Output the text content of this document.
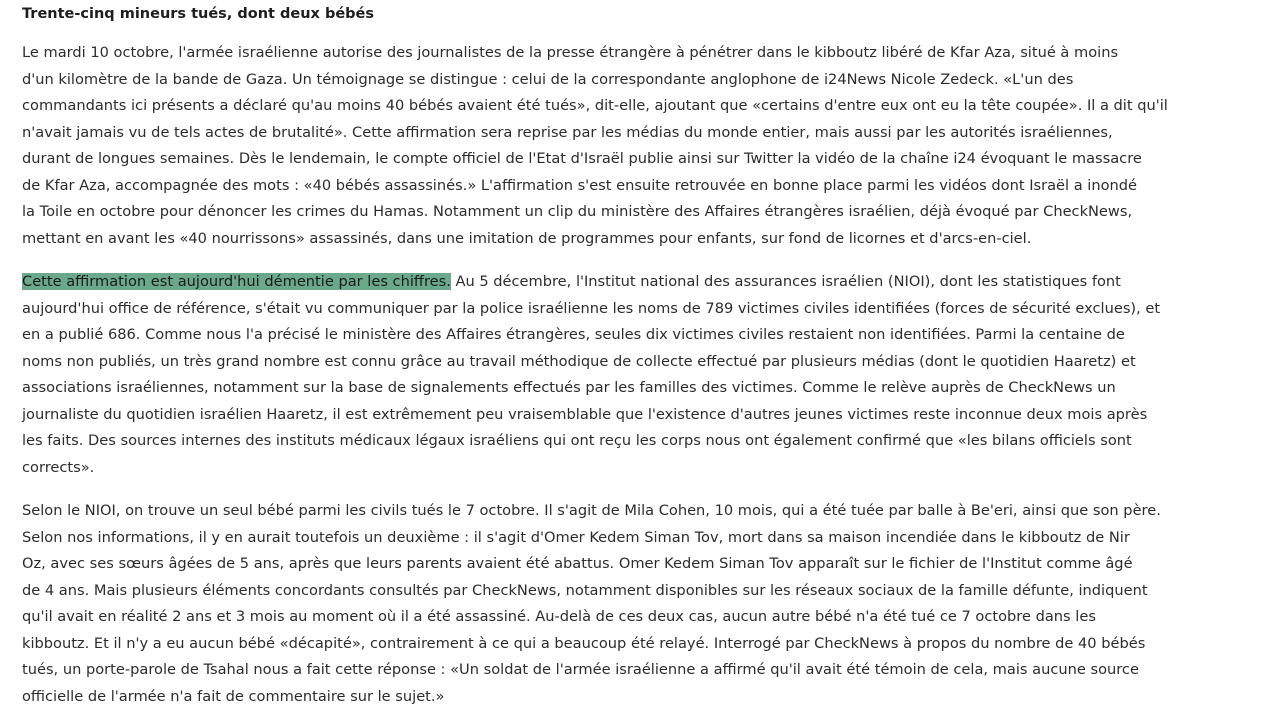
Trente-cinq mineurs tués, dont deux bébés

Le mardi 10 octobre, l'armée israélienne autorise des journalistes de la presse étrangère à pénétrer dans le kibboutz libéré de Kfar Aza, situé à moins
d'un kilomètre de la bande de Gaza. Un témoignage se distingue : celui de la correspondante anglophone de i24News Nicole Zedeck. «L'un des
commandants ici présents a déclaré qu'au moins 40 bébés avaient été tués», dit-elle, ajoutant que «certains d'entre eux ont eu la tête coupée». Il a dit qu'il
n'avait jamais vu de tels actes de brutalité». Cette affirmation sera reprise par les médias du monde entier, mais aussi par les autorités israéliennes,
durant de longues semaines. Dès le lendemain, le compte officiel de l'Etat d'Israël publie ainsi sur Twitter la vidéo de la chaîne i24 évoquant le massacre
de Kfar Aza, accompagnée des mots : «40 bébés assassinés.» L'affirmation s'est ensuite retrouvée en bonne place parmi les vidéos dont Israël a inondé
la Toile en octobre pour dénoncer les crimes du Hamas. Notamment un clip du ministère des Affaires étrangères israélien, déjà évoqué par CheckNews,
mettant en avant les «40 nourrissons» assassinés, dans une imitation de programmes pour enfants, sur fond de licornes et d'arcs-en-ciel.

Cette affirmation est aujourd'hui démentie par les chiffres. Au 5 décembre, l'Institut national des assurances israélien (NIOI), dont les statistiques font
aujourd'hui office de référence, s'était vu communiquer par la police israélienne les noms de 789 victimes civiles identifiées (forces de sécurité exclues), et
en a publié 686. Comme nous l'a précisé le ministère des Affaires étrangères, seules dix victimes civiles restaient non identifiées. Parmi la centaine de
noms non publiés, un très grand nombre est connu grâce au travail méthodique de collecte effectué par plusieurs médias (dont le quotidien Haaretz) et
associations israéliennes, notamment sur la base de signalements effectués par les familles des victimes. Comme le relève auprès de CheckNews un
journaliste du quotidien israélien Haaretz, il est extrêmement peu vraisemblable que l'existence d'autres jeunes victimes reste inconnue deux mois après
les faits. Des sources internes des instituts médicaux légaux israéliens qui ont reçu les corps nous ont également confirmé que «les bilans officiels sont
corrects».

Selon le NIOI, on trouve un seul bébé parmi les civils tués le 7 octobre. Il s'agit de Mila Cohen, 10 mois, qui a été tuée par balle à Be'eri, ainsi que son père.
Selon nos informations, il y en aurait toutefois un deuxième : il s'agit d'Omer Kedem Siman Tov, mort dans sa maison incendiée dans le kibboutz de Nir
Oz, avec ses sœurs âgées de 5 ans, après que leurs parents avaient été abattus. Omer Kedem Siman Tov apparaît sur le fichier de l'Institut comme âgé
de 4 ans. Mais plusieurs éléments concordants consultés par CheckNews, notamment disponibles sur les réseaux sociaux de la famille défunte, indiquent
qu'il avait en réalité 2 ans et 3 mois au moment où il a été assassiné. Au-delà de ces deux cas, aucun autre bébé n'a été tué ce 7 octobre dans les
kibboutz. Et il n'y a eu aucun bébé «décapité», contrairement à ce qui a beaucoup été relayé. Interrogé par CheckNews à propos du nombre de 40 bébés
tués, un porte-parole de Tsahal nous a fait cette réponse : «Un soldat de l'armée israélienne a affirmé qu'il avait été témoin de cela, mais aucune source
officielle de l'armée n'a fait de commentaire sur le sujet.»
